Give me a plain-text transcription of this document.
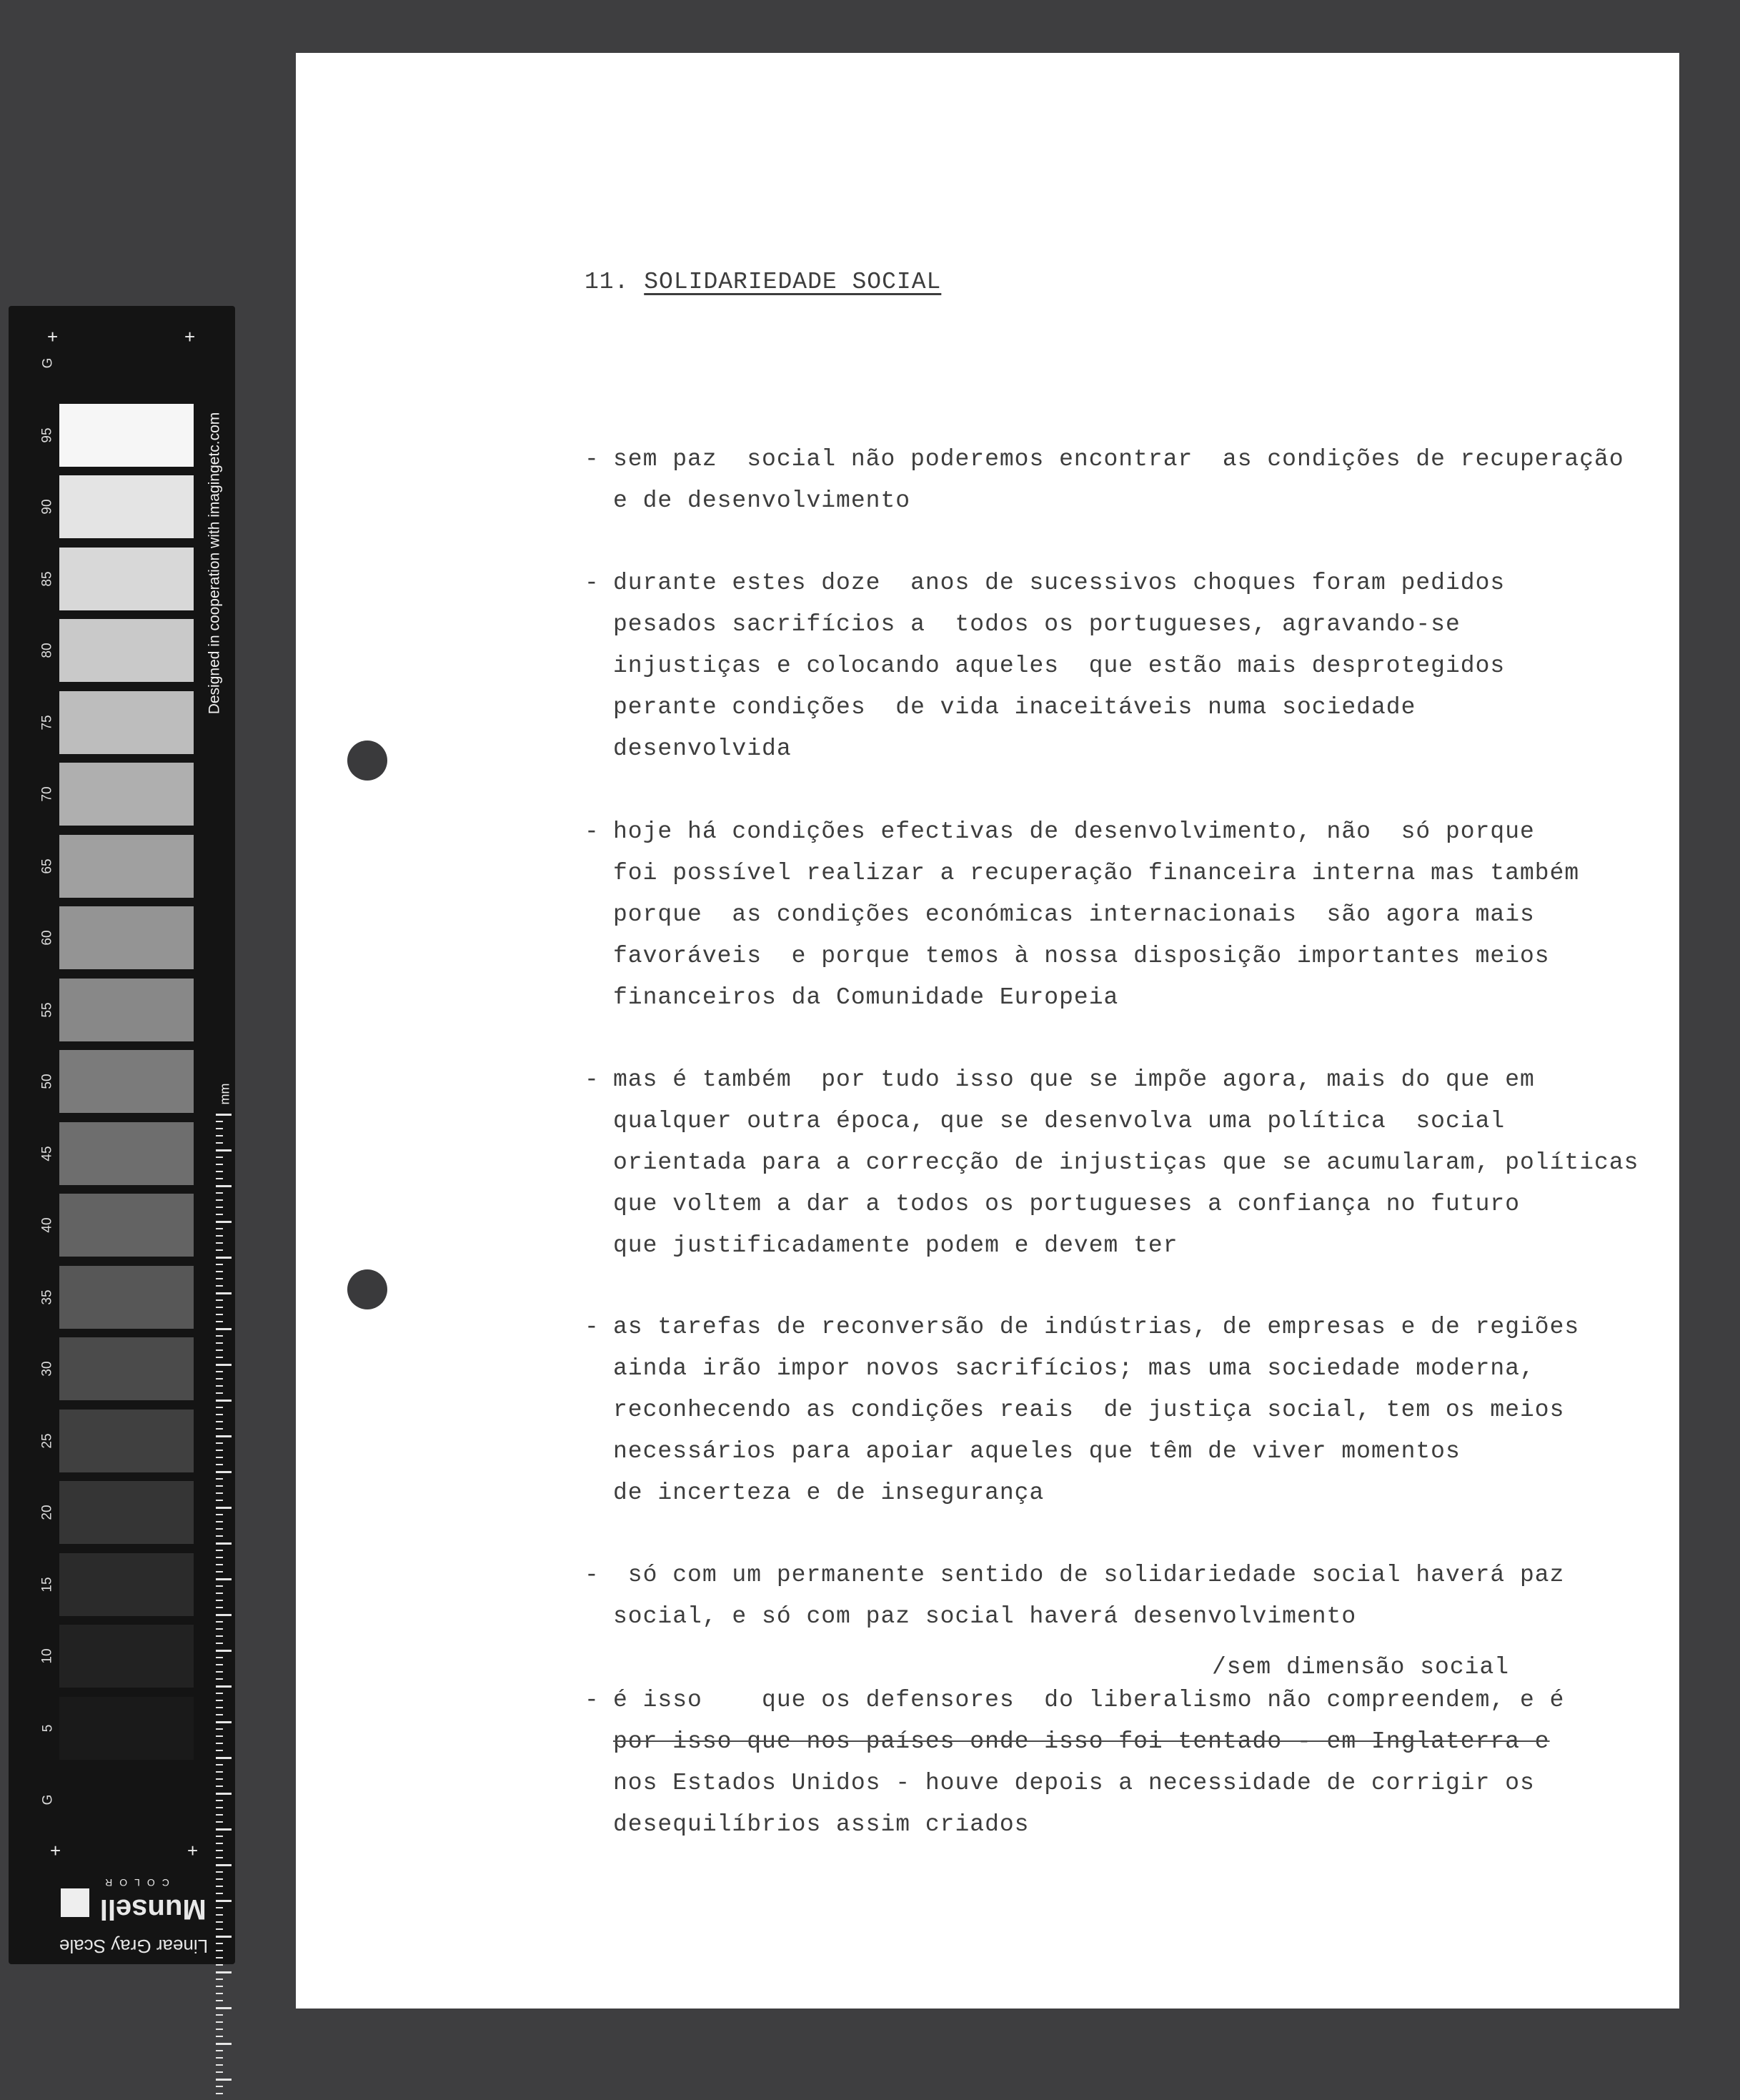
G
95
90
85
80
75
70
65
60
55
50
45
40
35
30
25
20
15
10
5
G
+	+
+	+
Designed in cooperation with imagingetc.com
mm
Linear Gray Scale
Munsell
COLOR
11. SOLIDARIEDADE SOCIAL
- sem paz  social não poderemos encontrar  as condições de recuperação
e de desenvolvimento
- durante estes doze  anos de sucessivos choques foram pedidos
pesados sacrifícios a  todos os portugueses, agravando-se
injustiças e colocando aqueles  que estão mais desprotegidos
perante condições  de vida inaceitáveis numa sociedade
desenvolvida
- hoje há condições efectivas de desenvolvimento, não  só porque
foi possível realizar a recuperação financeira interna mas também
porque  as condições económicas internacionais  são agora mais
favoráveis  e porque temos à nossa disposição importantes meios
financeiros da Comunidade Europeia
- mas é também  por tudo isso que se impõe agora, mais do que em
qualquer outra época, que se desenvolva uma política  social
orientada para a correcção de injustiças que se acumularam, políticas
que voltem a dar a todos os portugueses a confiança no futuro
que justificadamente podem e devem ter
- as tarefas de reconversão de indústrias, de empresas e de regiões
ainda irão impor novos sacrifícios; mas uma sociedade moderna,
reconhecendo as condições reais  de justiça social, tem os meios
necessários para apoiar aqueles que têm de viver momentos
de incerteza e de insegurança
- só com um permanente sentido de solidariedade social haverá paz
social, e só com paz social haverá desenvolvimento
- é isso    que os defensores  do liberalismo não compreendem, e é
por isso que nos países onde isso foi tentado - em Inglaterra e
nos Estados Unidos - houve depois a necessidade de corrigir os
desequilíbrios assim criados
/sem dimensão social
